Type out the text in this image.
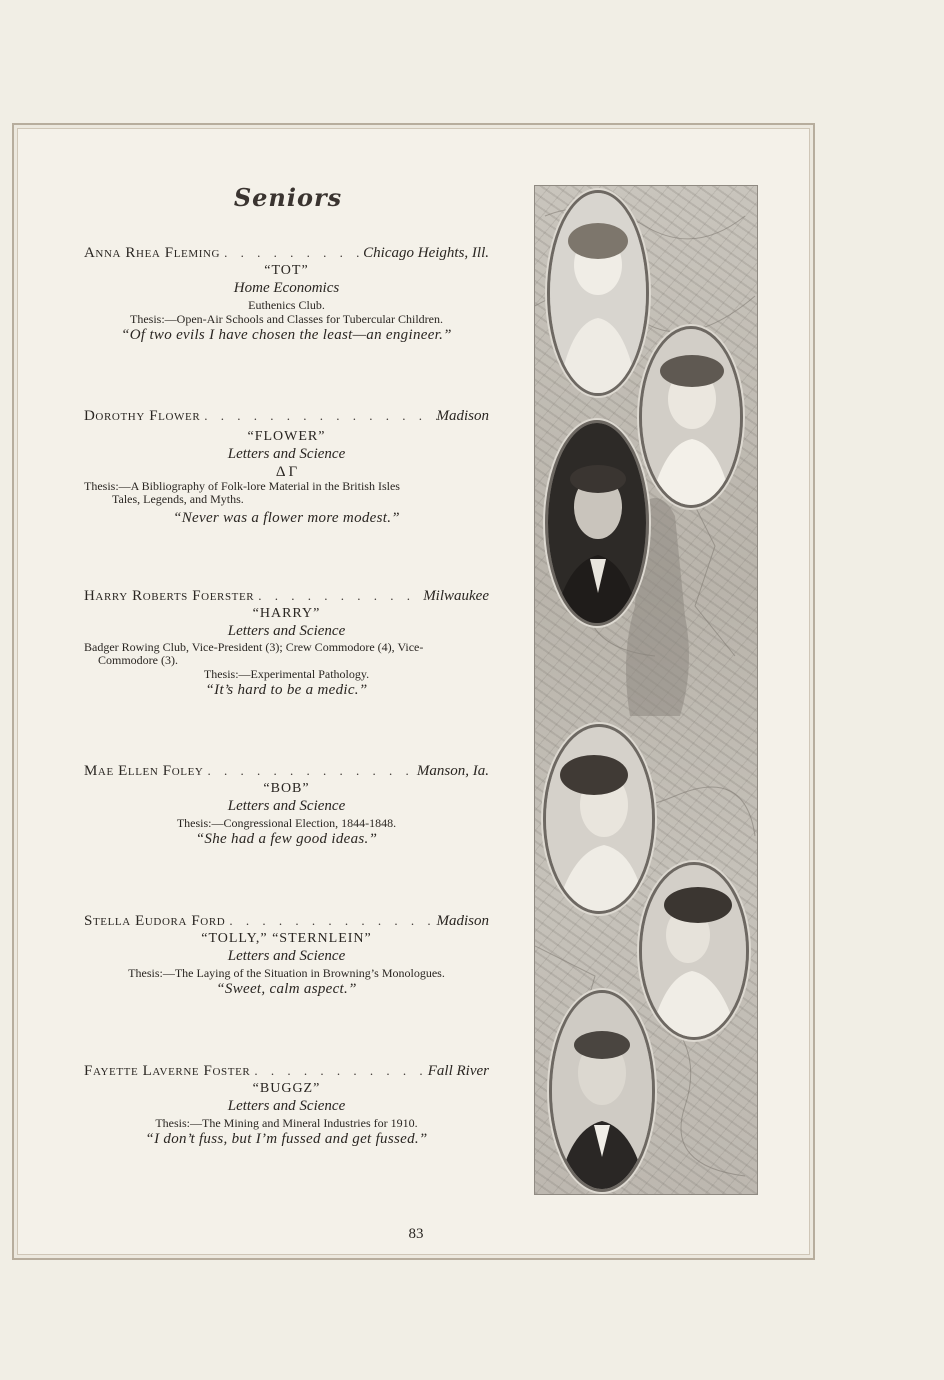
Seniors
Anna Rhea Fleming . . .	Chicago Heights, Ill.
“TOT”
Home Economics
Euthenics Club.
Thesis:—Open-Air Schools and Classes for Tubercular Children.
“Of two evils I have chosen the least—an engineer.”
Dorothy Flower . . .	Madison
“FLOWER”
Letters and Science
Δ Γ
Thesis:—A Bibliography of Folk-lore Material in the British Isles
Tales, Legends, and Myths.
“Never was a flower more modest.”
Harry Roberts Foerster . . .	Milwaukee
“HARRY”
Letters and Science
Badger Rowing Club, Vice-President (3); Crew Commodore (4), Vice-
Commodore (3).
Thesis:—Experimental Pathology.
“It’s hard to be a medic.”
Mae Ellen Foley . . .	Manson, Ia.
“BOB”
Letters and Science
Thesis:—Congressional Election, 1844-1848.
“She had a few good ideas.”
Stella Eudora Ford . . .	Madison
“TOLLY,” “STERNLEIN”
Letters and Science
Thesis:—The Laying of the Situation in Browning’s Monologues.
“Sweet, calm aspect.”
Fayette Laverne Foster . . .	Fall River
“BUGGZ”
Letters and Science
Thesis:—The Mining and Mineral Industries for 1910.
“I don’t fuss, but I’m fussed and get fussed.”
83
